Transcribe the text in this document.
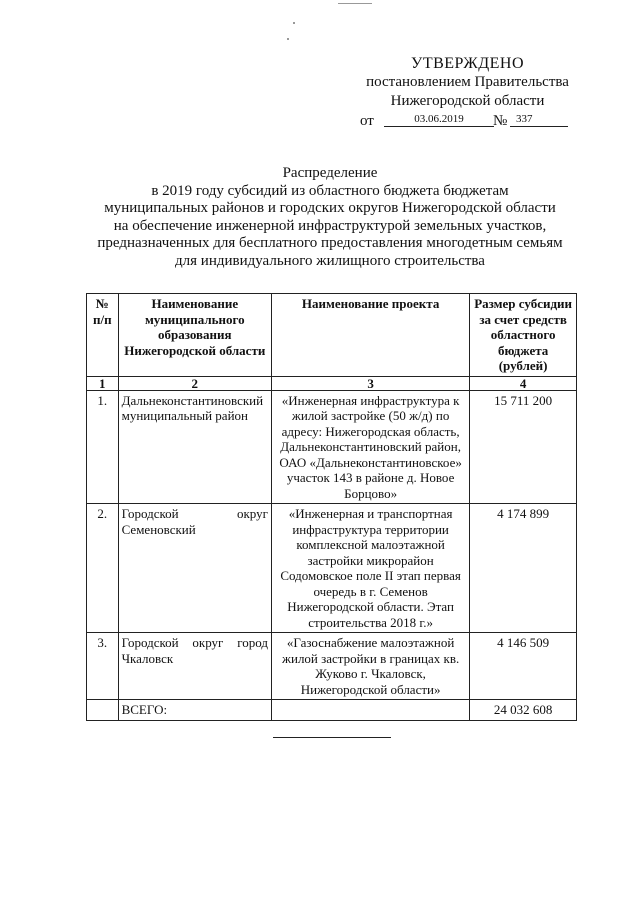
УТВЕРЖДЕНО
постановлением Правительства
Нижегородской области
от	03.06.2019	№ 337
Распределение
в 2019 году субсидий из областного бюджета бюджетам
муниципальных районов и городских округов Нижегородской области
на обеспечение инженерной инфраструктурой земельных участков,
предназначенных для бесплатного предоставления многодетным семьям
для индивидуального жилищного строительства
№ п/п	Наименование муниципального образования Нижегородской области	Наименование проекта	Размер субсидии за счет средств областного бюджета (рублей)
1	2	3	4
1.	Дальнеконстантиновский муниципальный район	«Инженерная инфраструктура к жилой застройке (50 ж/д) по адресу: Нижегородская область, Дальнеконстантиновский район, ОАО «Дальнеконстантиновское» участок 143 в районе д. Новое Борцово»	15 711 200
2.	Городской округ Семеновский	«Инженерная и транспортная инфраструктура территории комплексной малоэтажной застройки микрорайон Содомовское поле II этап первая очередь в г. Семенов Нижегородской области. Этап строительства 2018 г.»	4 174 899
3.	Городской округ город Чкаловск	«Газоснабжение малоэтажной жилой застройки в границах кв. Жуково г. Чкаловск, Нижегородской области»	4 146 509
	ВСЕГО:		24 032 608
